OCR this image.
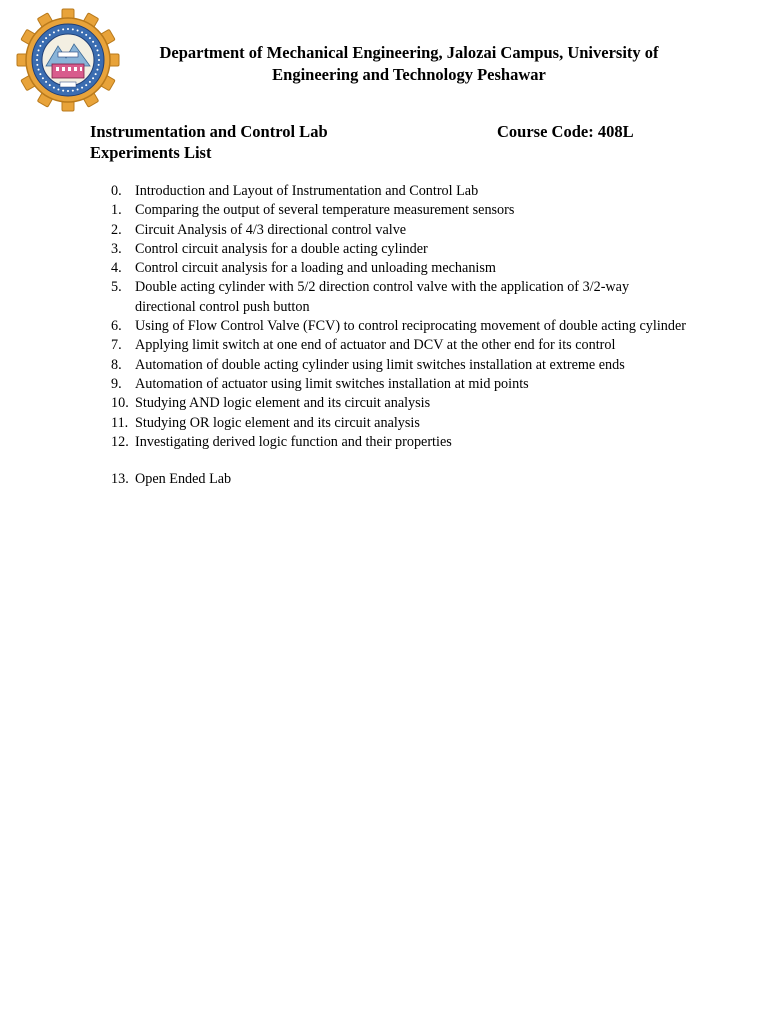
Department of Mechanical Engineering, Jalozai Campus, University of Engineering and Technology Peshawar
Instrumentation and Control Lab	Course Code: 408L
Experiments List
0. Introduction and Layout of Instrumentation and Control Lab
1. Comparing the output of several temperature measurement sensors
2. Circuit Analysis of 4/3 directional control valve
3. Control circuit analysis for a double acting cylinder
4. Control circuit analysis for a loading and unloading mechanism
5. Double acting cylinder with 5/2 direction control valve with the application of 3/2-way directional control push button
6. Using of Flow Control Valve (FCV) to control reciprocating movement of double acting cylinder
7. Applying limit switch at one end of actuator and DCV at the other end for its control
8. Automation of double acting cylinder using limit switches installation at extreme ends
9. Automation of actuator using limit switches installation at mid points
10. Studying AND logic element and its circuit analysis
11. Studying OR logic element and its circuit analysis
12. Investigating derived logic function and their properties
13. Open Ended Lab
